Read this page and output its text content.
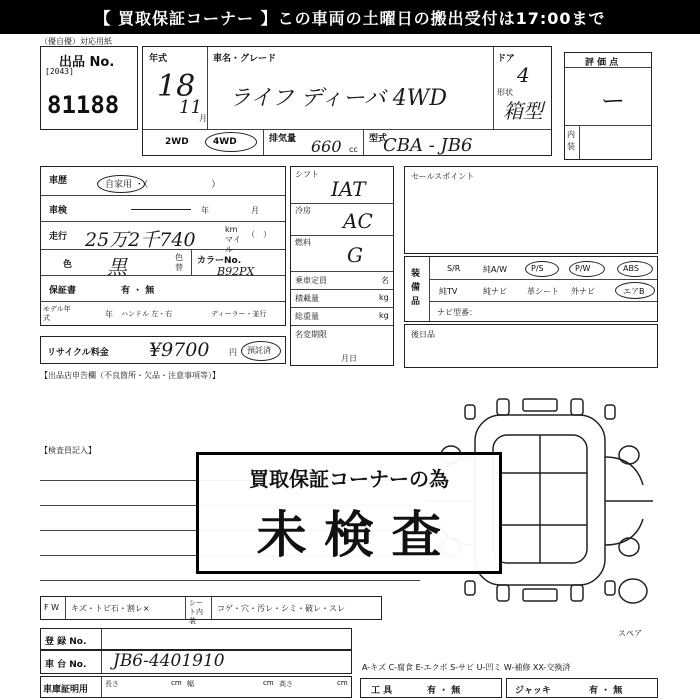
【 買取保証コーナー 】この車両の土曜日の搬出受付は17:00まで
（優自優）対応用紙
出品 No.
[2043]
81188
年式
18
11
月
車名・グレード
ライフ ディーバ 4WD
ドア
4
形状
箱型
2WD	4WD	排気量 660 cc
型式
CBA - JB6
評 価 点
ー
内装
車歴	自家用 ・（　　　　　　　）
車検	年	月
走行 25万2千740	km マイル
（　）
色 黒	色替
カラーNo.
B92PX
保証書	有 ・ 無
モデル年式	年 ハンドル 左・右	ディーラー・並行
リサイクル料金 ¥9700 円 預託済
シフト
IAT
冷房 AC
燃料
G
乗車定員	名
積載量	kg
総重量	kg
名変期限
月日
セールスポイント
装備品
S/R	純A/W	P/S	P/W	ABS
純TV	純ナビ	革シート 外ナビ	エアB
ナビ型番：
後日品
【出品店申告欄（不良箇所・欠品・注意事項等）】
【検査員記入】
スペア
買取保証コーナーの為
未 検 査
F W キズ・トビ石・割レ×
シート内装
コゲ・穴・汚レ・シミ・破レ・スレ
登 録 No.
車 台 No. JB6-4401910
車庫証明用
長さ	cm 幅	cm 高さ	cm
A-キズ C-腐食 E-エクボ S-サビ U-凹ミ W-補修 XX-交換済
工 具	有 ・ 無	ジャッキ	有 ・ 無
